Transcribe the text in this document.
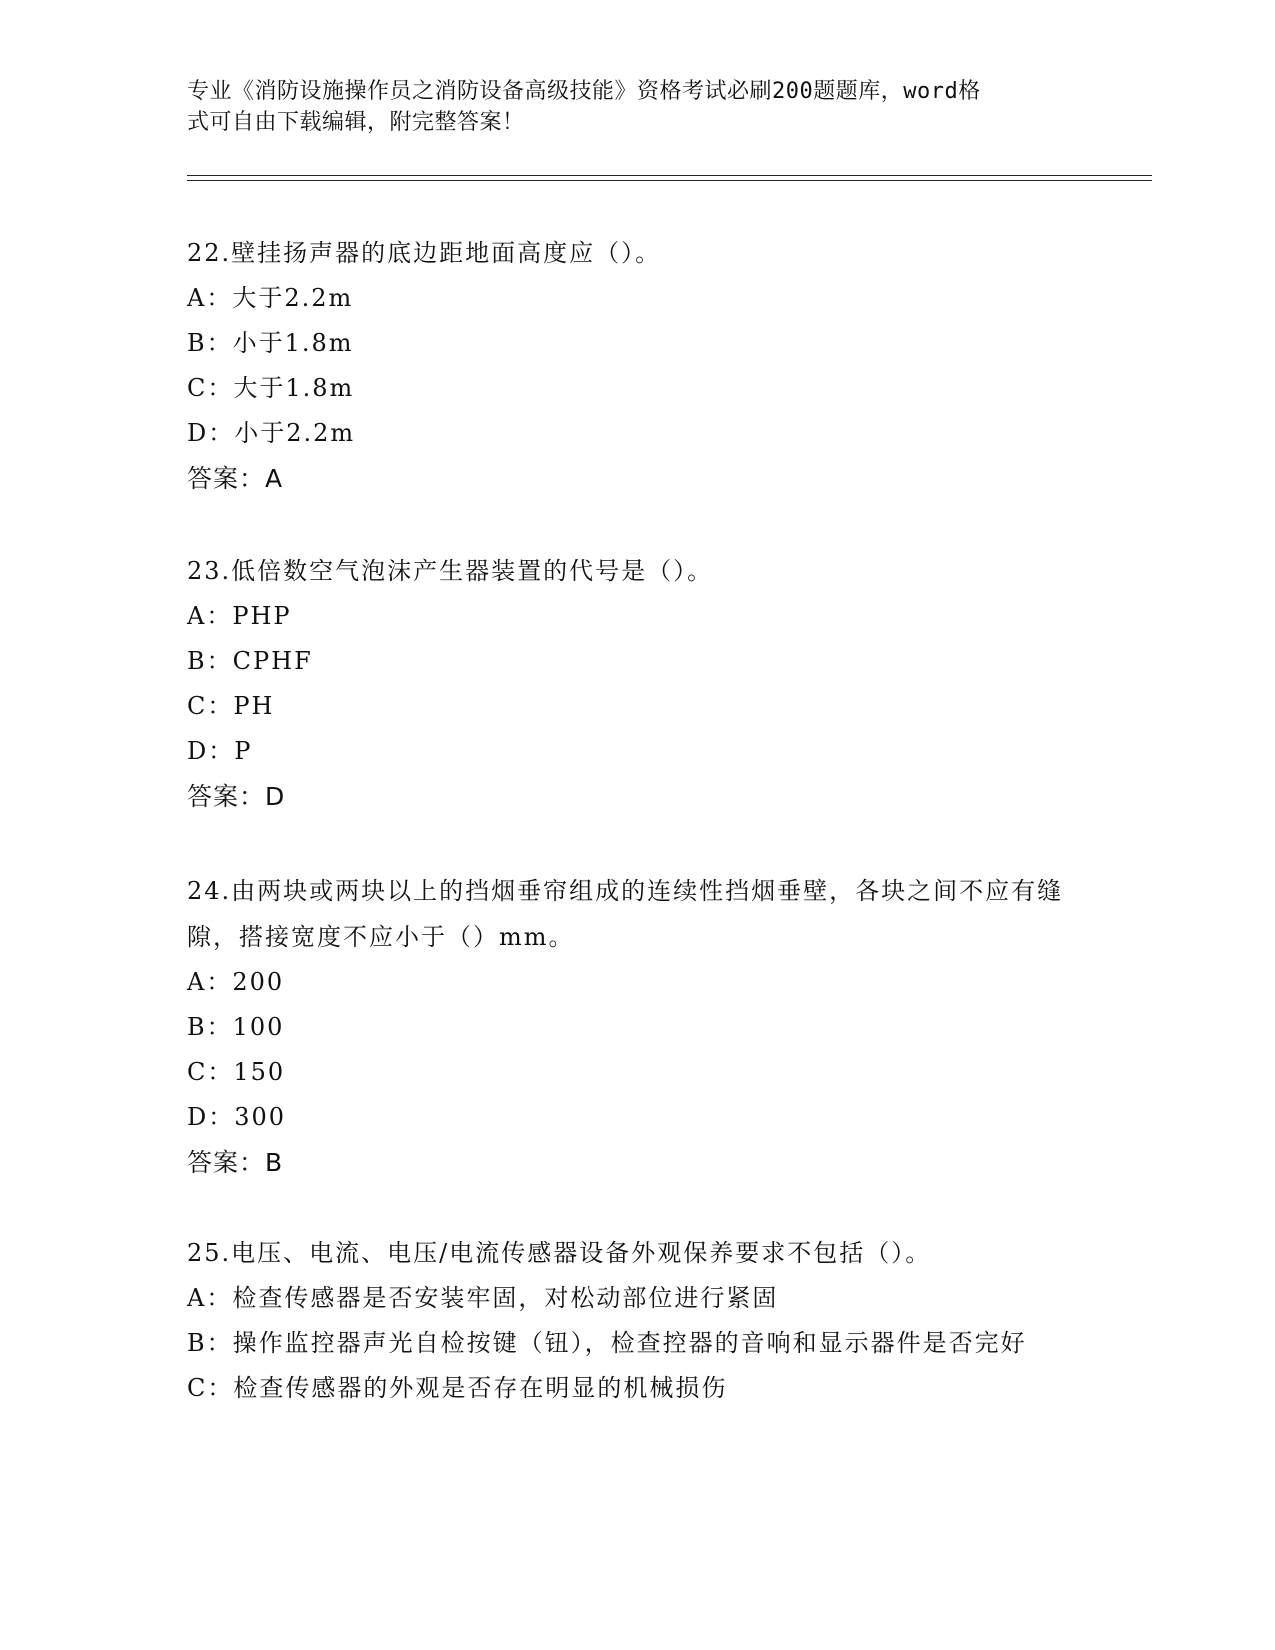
专业《消防设施操作员之消防设备高级技能》资格考试必刷200题题库，word格
式可自由下载编辑，附完整答案！
22.壁挂扬声器的底边距地面高度应（）。
A：大于2.2m
B：小于1.8m
C：大于1.8m
D：小于2.2m
答案：A
23.低倍数空气泡沫产生器装置的代号是（）。
A：PHP
B：CPHF
C：PH
D：P
答案：D
24.由两块或两块以上的挡烟垂帘组成的连续性挡烟垂壁，各块之间不应有缝隙，搭接宽度不应小于（）mm。
A：200
B：100
C：150
D：300
答案：B
25.电压、电流、电压/电流传感器设备外观保养要求不包括（）。
A：检查传感器是否安装牢固，对松动部位进行紧固
B：操作监控器声光自检按键（钮），检查控器的音响和显示器件是否完好
C：检查传感器的外观是否存在明显的机械损伤
